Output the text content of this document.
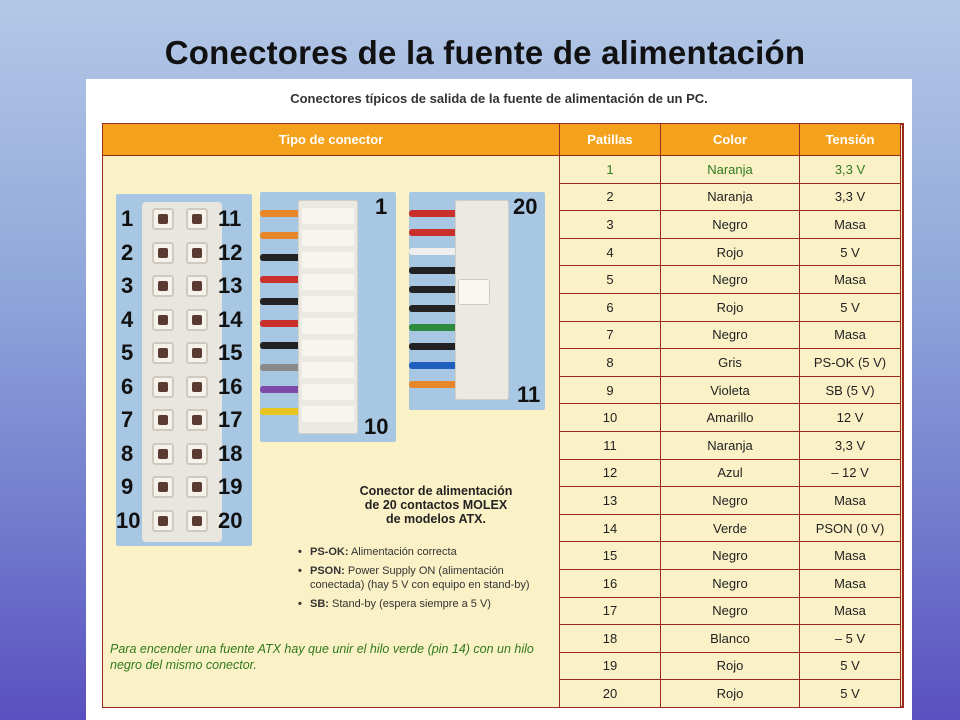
Conectores de la fuente de alimentación
Conectores típicos de salida de la fuente de alimentación de un PC.
Tipo de conector	Patillas	Color	Tensión
	1	Naranja	3,3 V
	2	Naranja	3,3 V
	3	Negro	Masa
	4	Rojo	5 V
	5	Negro	Masa
	6	Rojo	5 V
	7	Negro	Masa
	8	Gris	PS-OK (5 V)
	9	Violeta	SB (5 V)
	10	Amarillo	12 V
	11	Naranja	3,3 V
	12	Azul	– 12 V
	13	Negro	Masa
	14	Verde	PSON (0 V)
	15	Negro	Masa
	16	Negro	Masa
	17	Negro	Masa
	18	Blanco	– 5 V
	19	Rojo	5 V
	20	Rojo	5 V
1
2
3
4
5
6
7
8
9
10
11
12
13
14
15
16
17
18
19
20
1
10
20
11
Conector de alimentación
de 20 contactos MOLEX
de modelos ATX.
• PS-OK: Alimentación correcta
• PSON: Power Supply ON (alimentación conectada) (hay 5 V con equipo en stand-by)
• SB: Stand-by (espera siempre a 5 V)
Para encender una fuente ATX hay que unir el hilo verde (pin 14) con un hilo negro del mismo conector.
